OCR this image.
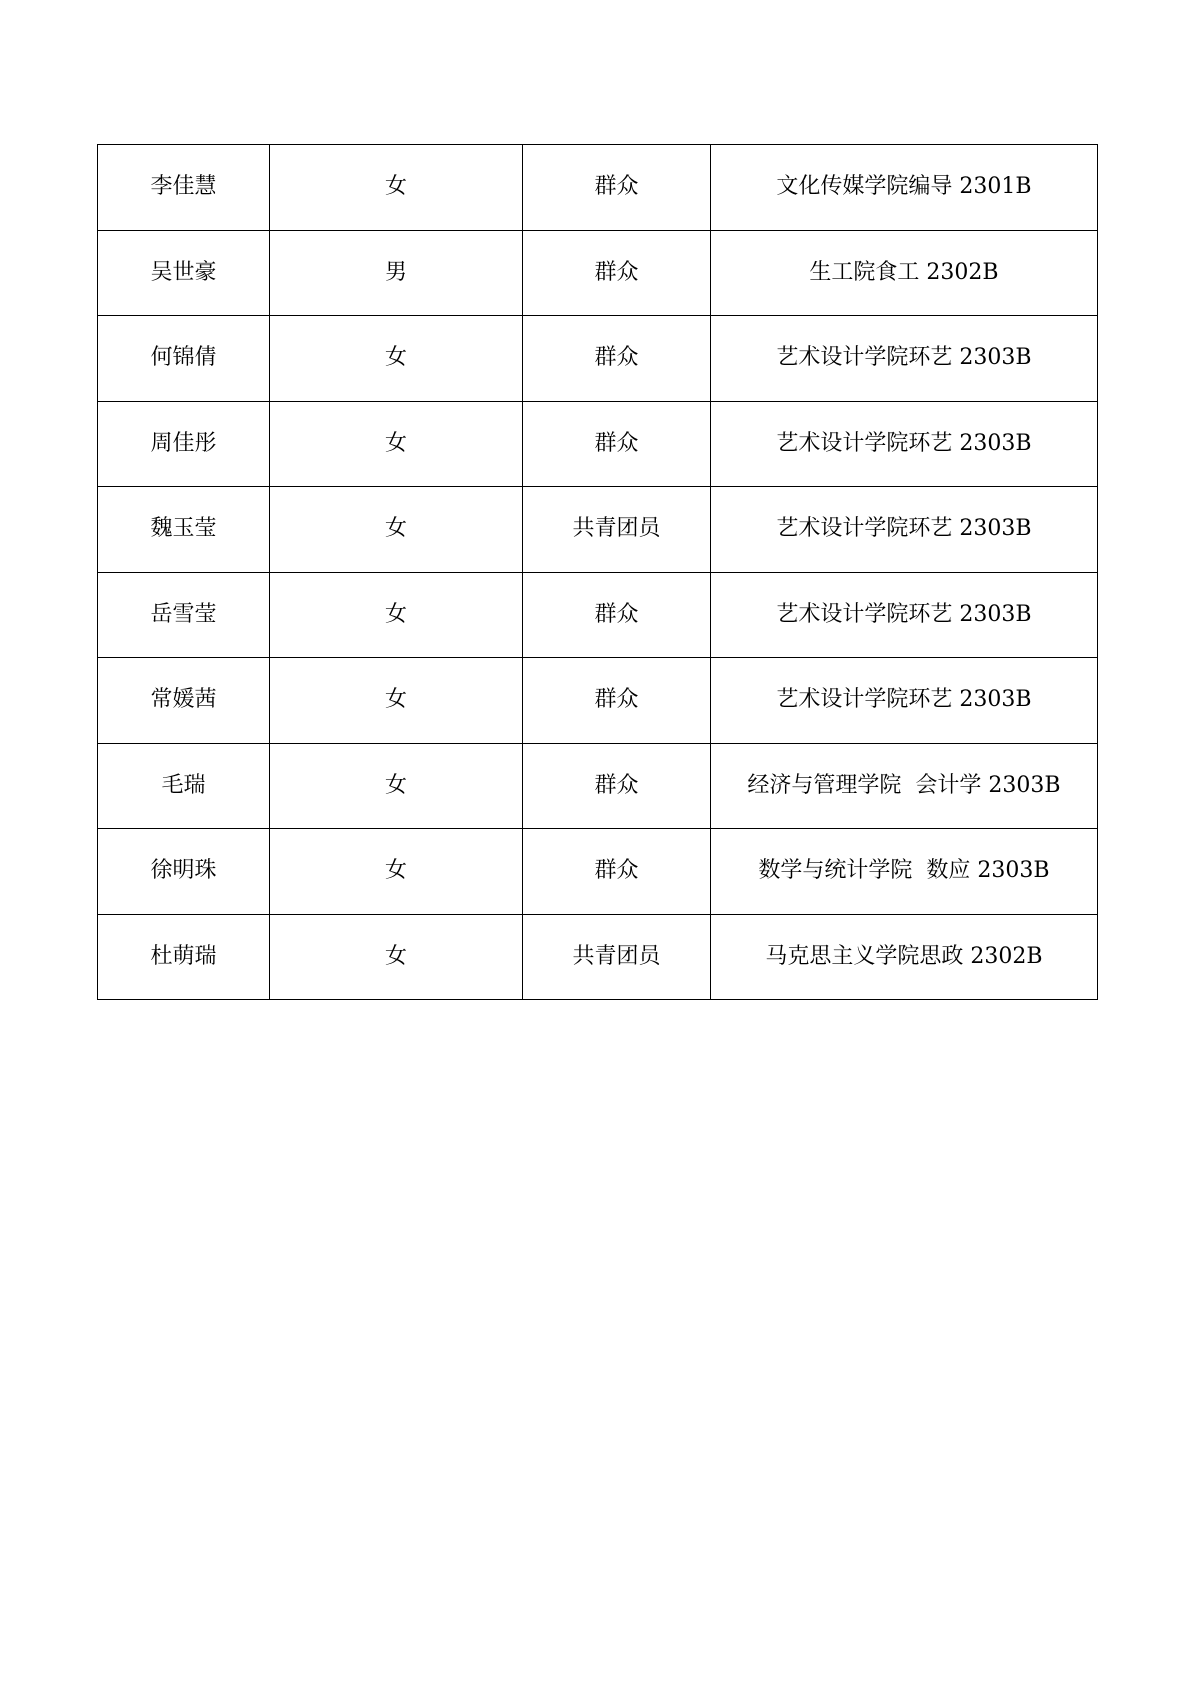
李佳慧	女	群众	文化传媒学院编导 2301B
吴世豪	男	群众	生工院食工 2302B
何锦倩	女	群众	艺术设计学院环艺 2303B
周佳彤	女	群众	艺术设计学院环艺 2303B
魏玉莹	女	共青团员	艺术设计学院环艺 2303B
岳雪莹	女	群众	艺术设计学院环艺 2303B
常媛茜	女	群众	艺术设计学院环艺 2303B
毛瑞	女	群众	经济与管理学院  会计学 2303B
徐明珠	女	群众	数学与统计学院  数应 2303B
杜萌瑞	女	共青团员	马克思主义学院思政 2302B
